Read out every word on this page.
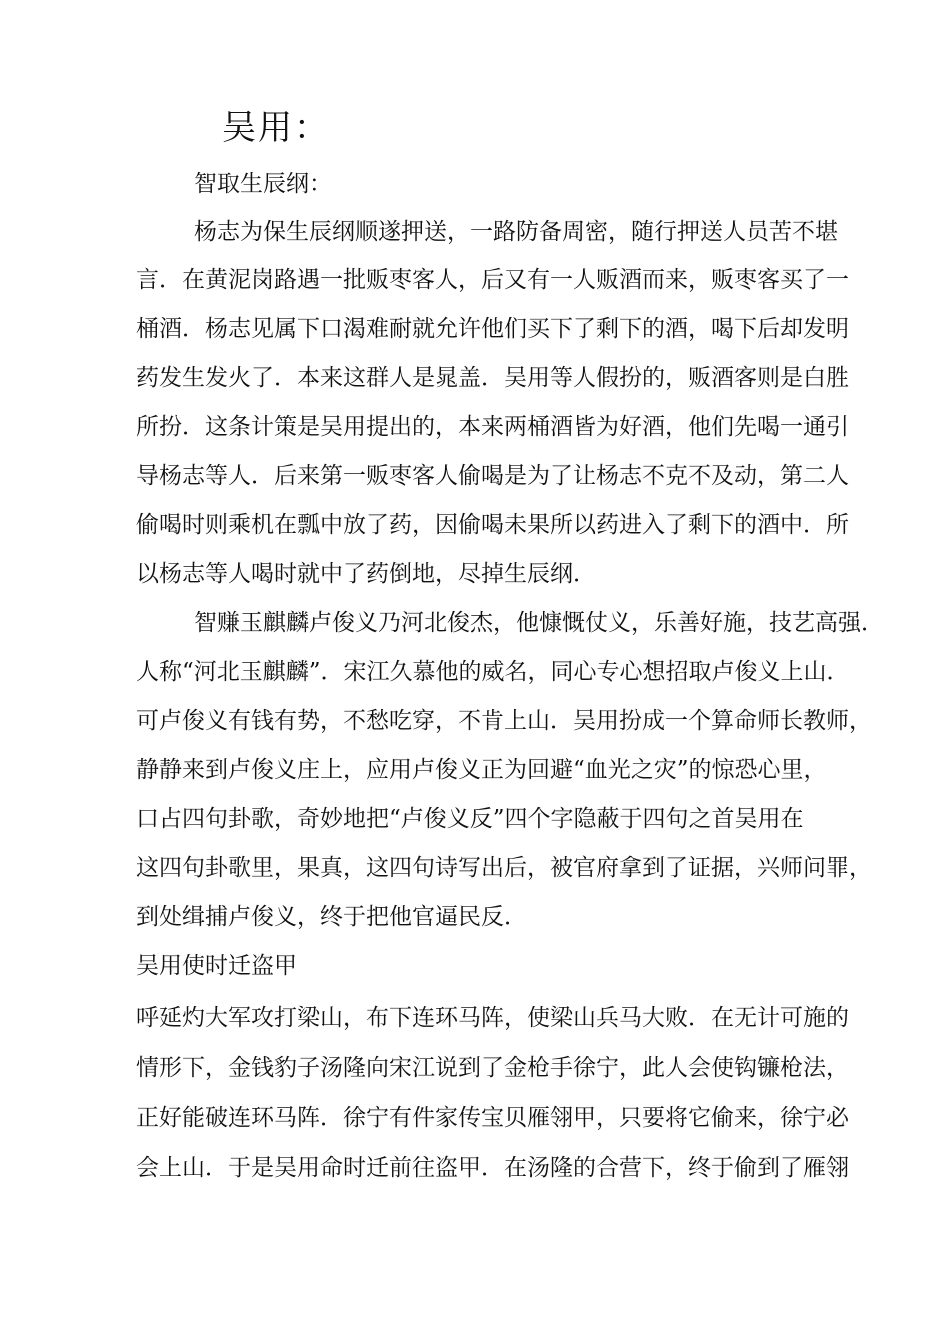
吴用：
智取生辰纲：
杨志为保生辰纲顺遂押送，一路防备周密，随行押送人员苦不堪
言．在黄泥岗路遇一批贩枣客人，后又有一人贩酒而来，贩枣客买了一
桶酒．杨志见属下口渴难耐就允许他们买下了剩下的酒，喝下后却发明
药发生发火了．本来这群人是晁盖．吴用等人假扮的，贩酒客则是白胜
所扮．这条计策是吴用提出的，本来两桶酒皆为好酒，他们先喝一通引
导杨志等人．后来第一贩枣客人偷喝是为了让杨志不克不及动，第二人
偷喝时则乘机在瓢中放了药，因偷喝未果所以药进入了剩下的酒中．所
以杨志等人喝时就中了药倒地，尽掉生辰纲．
智赚玉麒麟卢俊义乃河北俊杰，他慷慨仗义，乐善好施，技艺高强．
人称“河北玉麒麟”．宋江久慕他的威名，同心专心想招取卢俊义上山．
可卢俊义有钱有势，不愁吃穿，不肯上山．吴用扮成一个算命师长教师，
静静来到卢俊义庄上，应用卢俊义正为回避“血光之灾”的惊恐心里，
口占四句卦歌，奇妙地把“卢俊义反”四个字隐蔽于四句之首吴用在
这四句卦歌里，果真，这四句诗写出后，被官府拿到了证据，兴师问罪，
到处缉捕卢俊义，终于把他官逼民反．
吴用使时迁盗甲
呼延灼大军攻打梁山，布下连环马阵，使梁山兵马大败．在无计可施的
情形下，金钱豹子汤隆向宋江说到了金枪手徐宁，此人会使钩镰枪法，
正好能破连环马阵．徐宁有件家传宝贝雁翎甲，只要将它偷来，徐宁必
会上山．于是吴用命时迁前往盗甲．在汤隆的合营下，终于偷到了雁翎
